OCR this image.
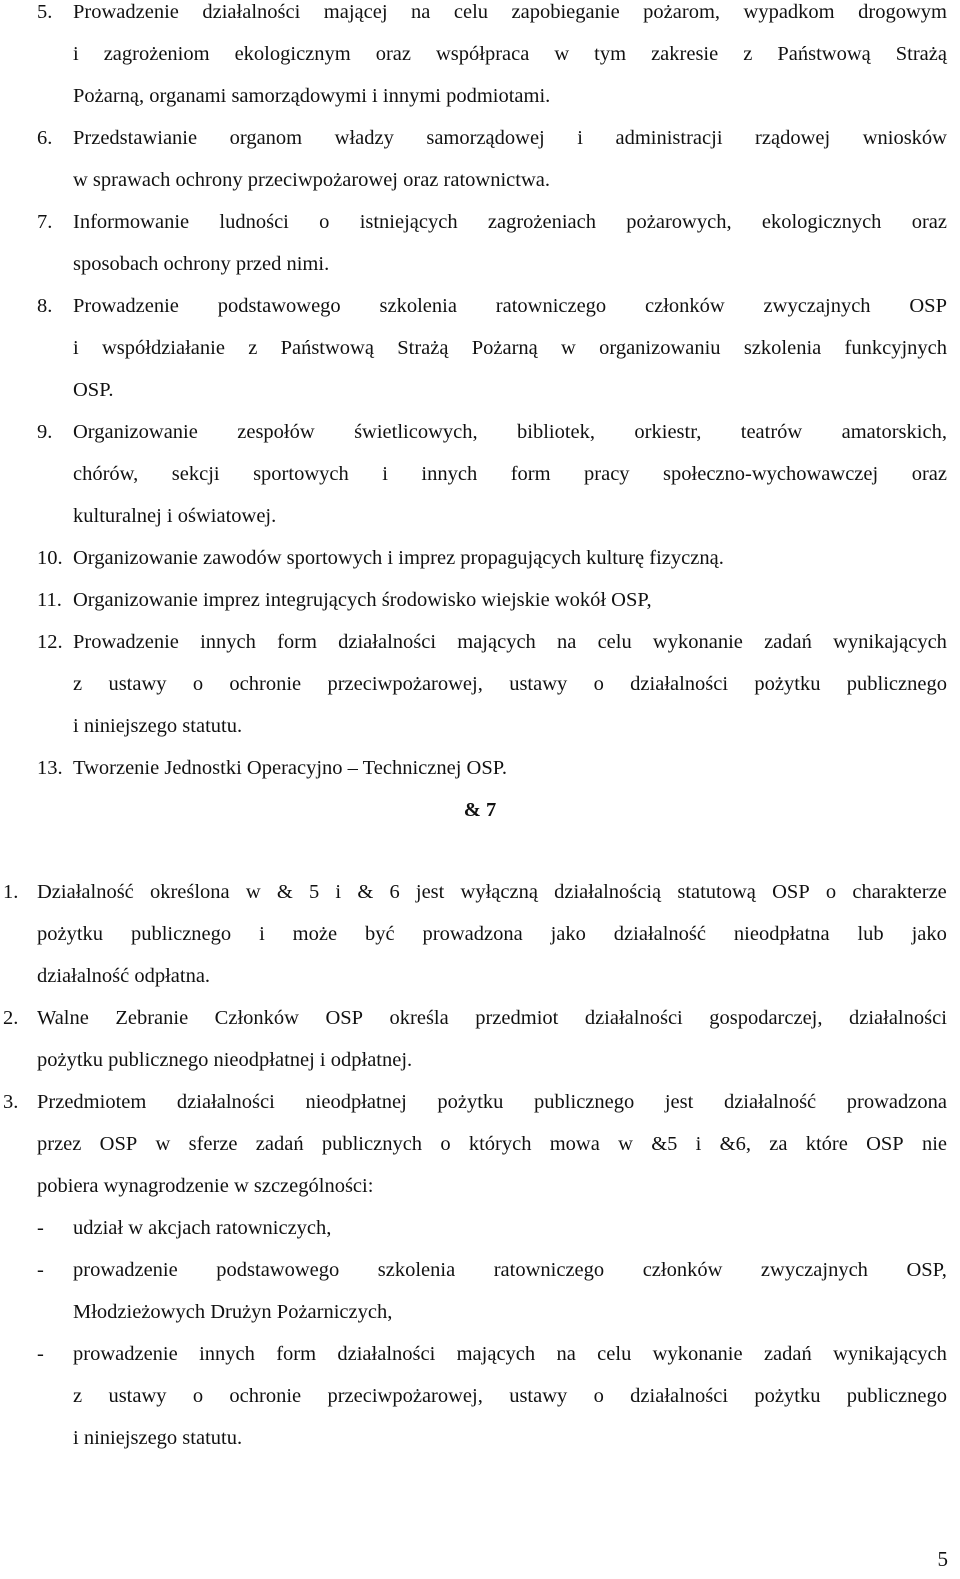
5. Prowadzenie działalności mającej na celu zapobieganie pożarom, wypadkom drogowym
i zagrożeniom ekologicznym oraz współpraca w tym zakresie z Państwową Strażą
Pożarną, organami samorządowymi i innymi podmiotami.
6. Przedstawianie organom władzy samorządowej i administracji rządowej wniosków
w sprawach ochrony przeciwpożarowej oraz ratownictwa.
7. Informowanie ludności o istniejących zagrożeniach pożarowych, ekologicznych oraz
sposobach ochrony przed nimi.
8. Prowadzenie podstawowego szkolenia ratowniczego członków zwyczajnych OSP
i współdziałanie z Państwową Strażą Pożarną w organizowaniu szkolenia funkcyjnych
OSP.
9. Organizowanie zespołów świetlicowych, bibliotek, orkiestr, teatrów amatorskich,
chórów, sekcji sportowych i innych form pracy społeczno-wychowawczej oraz
kulturalnej i oświatowej.
10. Organizowanie zawodów sportowych i imprez propagujących kulturę fizyczną.
11. Organizowanie imprez integrujących środowisko wiejskie wokół OSP,
12. Prowadzenie innych form działalności mających na celu wykonanie zadań wynikających
z ustawy o ochronie przeciwpożarowej, ustawy o działalności pożytku publicznego
i niniejszego statutu.
13. Tworzenie Jednostki Operacyjno – Technicznej OSP.
& 7
1. Działalność określona w & 5 i & 6 jest wyłączną działalnością statutową OSP o charakterze
pożytku publicznego i może być prowadzona jako działalność nieodpłatna lub jako
działalność odpłatna.
2. Walne Zebranie Członków OSP określa przedmiot działalności gospodarczej, działalności
pożytku publicznego nieodpłatnej i odpłatnej.
3. Przedmiotem działalności nieodpłatnej pożytku publicznego jest działalność prowadzona
przez OSP w sferze zadań publicznych o których mowa w &5 i &6, za które OSP nie
pobiera wynagrodzenie w szczególności:
- udział w akcjach ratowniczych,
- prowadzenie podstawowego szkolenia ratowniczego członków zwyczajnych OSP,
Młodzieżowych Drużyn Pożarniczych,
- prowadzenie innych form działalności mających na celu wykonanie zadań wynikających
z ustawy o ochronie przeciwpożarowej, ustawy o działalności pożytku publicznego
i niniejszego statutu.
5
